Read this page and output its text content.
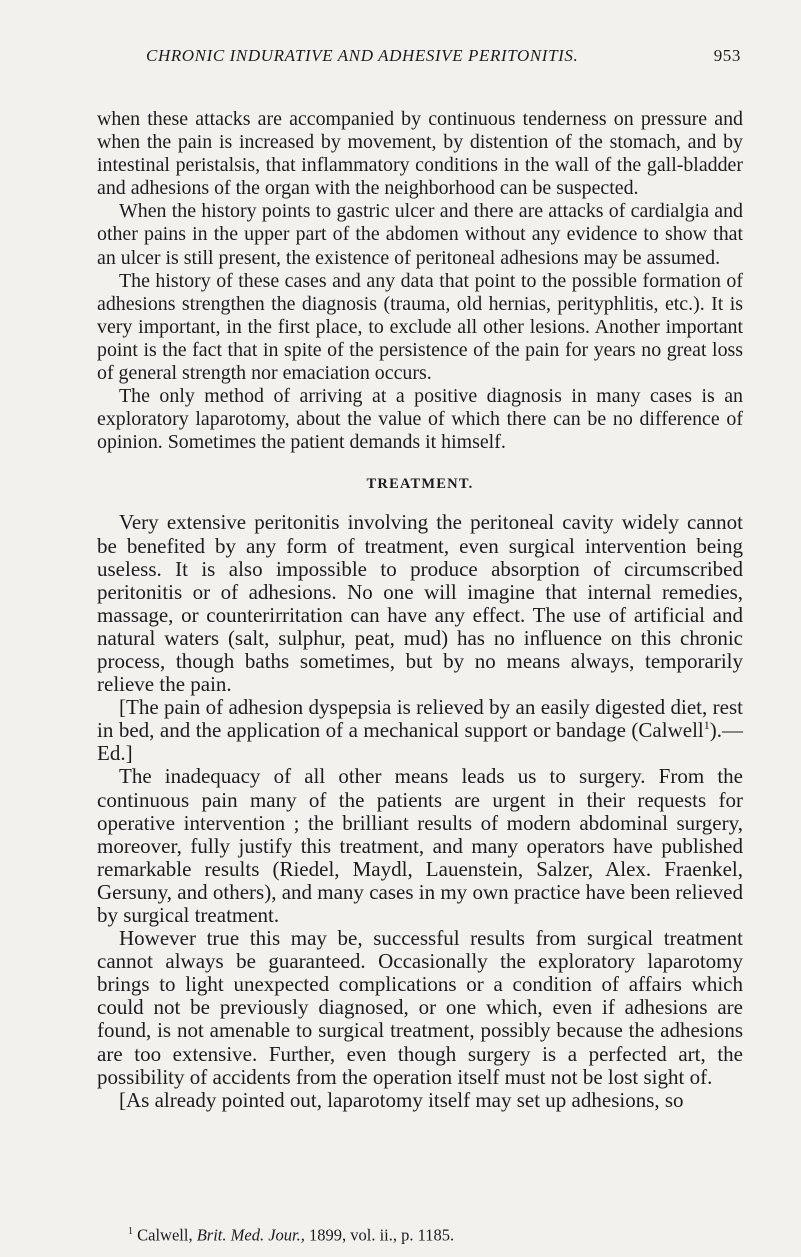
CHRONIC INDURATIVE AND ADHESIVE PERITONITIS.	953

when these attacks are accompanied by continuous tenderness on pressure and when the pain is increased by movement, by distention of the stomach, and by intestinal peristalsis, that inflammatory conditions in the wall of the gall-bladder and adhesions of the organ with the neighborhood can be suspected.

When the history points to gastric ulcer and there are attacks of cardialgia and other pains in the upper part of the abdomen without any evidence to show that an ulcer is still present, the existence of peritoneal adhesions may be assumed.

The history of these cases and any data that point to the possible formation of adhesions strengthen the diagnosis (trauma, old hernias, perityphlitis, etc.). It is very important, in the first place, to exclude all other lesions. Another important point is the fact that in spite of the persistence of the pain for years no great loss of general strength nor emaciation occurs.

The only method of arriving at a positive diagnosis in many cases is an exploratory laparotomy, about the value of which there can be no difference of opinion. Sometimes the patient demands it himself.

TREATMENT.

Very extensive peritonitis involving the peritoneal cavity widely cannot be benefited by any form of treatment, even surgical intervention being useless. It is also impossible to produce absorption of circumscribed peritonitis or of adhesions. No one will imagine that internal remedies, massage, or counterirritation can have any effect. The use of artificial and natural waters (salt, sulphur, peat, mud) has no influence on this chronic process, though baths sometimes, but by no means always, temporarily relieve the pain.

[The pain of adhesion dyspepsia is relieved by an easily digested diet, rest in bed, and the application of a mechanical support or bandage (Calwell$^1$).—Ed.]

The inadequacy of all other means leads us to surgery. From the continuous pain many of the patients are urgent in their requests for operative intervention ; the brilliant results of modern abdominal surgery, moreover, fully justify this treatment, and many operators have published remarkable results (Riedel, Maydl, Lauenstein, Salzer, Alex. Fraenkel, Gersuny, and others), and many cases in my own practice have been relieved by surgical treatment.

However true this may be, successful results from surgical treatment cannot always be guaranteed. Occasionally the exploratory laparotomy brings to light unexpected complications or a condition of affairs which could not be previously diagnosed, or one which, even if adhesions are found, is not amenable to surgical treatment, possibly because the adhesions are too extensive. Further, even though surgery is a perfected art, the possibility of accidents from the operation itself must not be lost sight of.

[As already pointed out, laparotomy itself may set up adhesions, so

$^1$ Calwell, Brit. Med. Jour., 1899, vol. ii., p. 1185.
